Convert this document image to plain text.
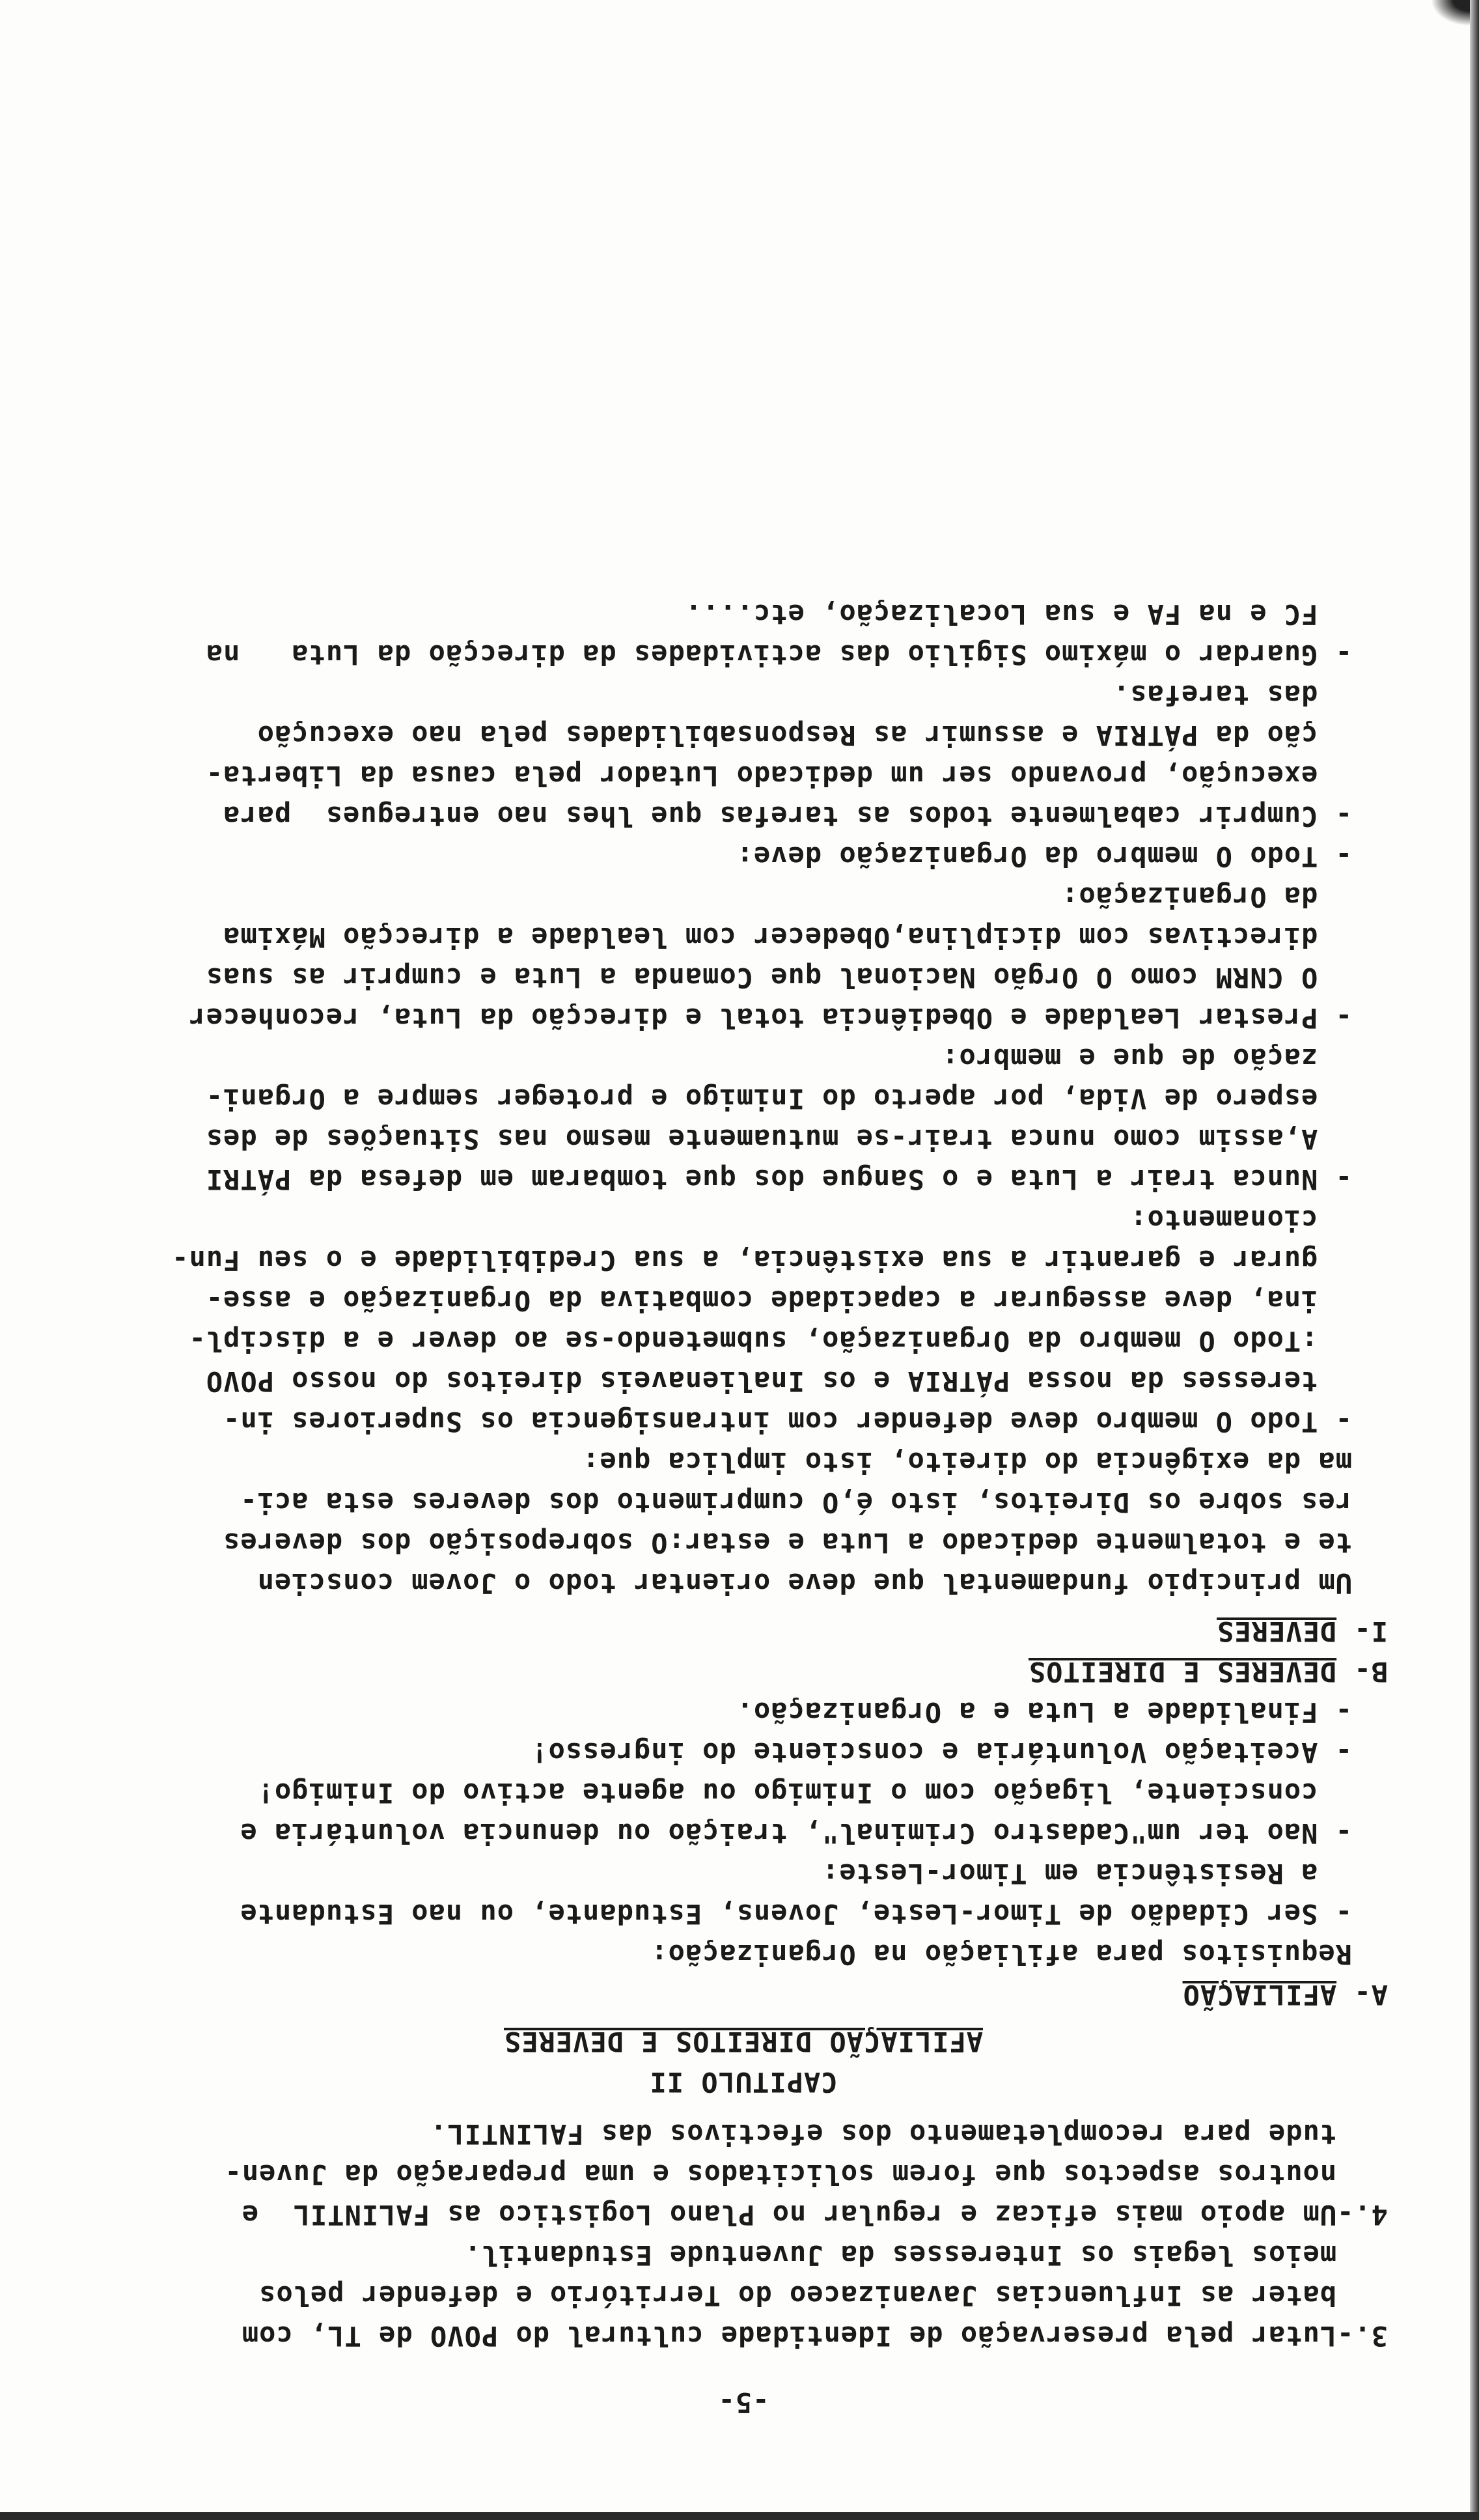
-5-
3.-Lutar pela preservação de Identidade cultural do POVO de TL, com
bater as Influencias Javanizaceo do Território e defender pelos
meios legais os Interesses da Juventude Estudantil.
4.-Um apoio mais eficaz e regular no Plano Logistico as FALINTIL  e
noutros aspectos que forem solicitados e uma preparação da Juven-
tude para recompletamento dos efectivos das FALINTIL.
CAPITULO II
AFILIAÇÃO DIREITOS E DEVERES
A- AFILIAÇÃO
Requisitos para afiliação na Organização:
- Ser Cidadão de Timor-Leste, Jovens, Estudante, ou nao Estudante
a Resistência em Timor-Leste:
- Nao ter um"Cadastro Criminal", traição ou denuncia voluntária e
consciente, ligação com o Inimigo ou agente activo do Inimigo!
- Aceitação Voluntária e consciente do ingresso!
- Finalidade a Luta e a Organização.
B- DEVERES E DIREITOS
I- DEVERES
Um principio fundamental que deve orientar todo o Jovem conscien
te e totalmente dedicado a Luta e estar:O sobreposição dos deveres
res sobre os Direitos, isto é,O cumprimento dos deveres esta aci-
ma da exigência do direito, isto implica que:
- Todo O membro deve defender com intransigencia os Superiores in-
teresses da nossa PÁTRIA e os Inalienaveis direitos do nosso POVO
:Todo O membro da Organização, submetendo-se ao dever e a discipl-
ina, deve assegurar a capacidade combativa da Organização e asse-
gurar e garantir a sua existência, a sua Credibilidade e o seu Fun-
cionamento:
- Nunca trair a Luta e o Sangue dos que tombaram em defesa da PÁTRI
A,assim como nunca trair-se mutuamente mesmo nas Situações de des
espero de Vida, por aperto do Inimigo e proteger sempre a Organi-
zação de que e membro:
- Prestar Lealdade e Obediência total e direcção da Luta, reconhecer
O CNRM como O Orgão Nacional que Comanda a Luta e cumprir as suas
directivas com diciplina,Obedecer com lealdade a direcção Máxima
da Organização:
- Todo O membro da Organização deve:
- Cumprir cabalmente todos as tarefas que lhes nao entregues  para
execução, provando ser um dedicado Lutador pela causa da Liberta-
ção da PÁTRIA e assumir as Responsabilidades pela nao execução
das tarefas.
- Guardar o máximo Sigilio das actividades da direcção da Luta   na
FC e na FA e sua Localização, etc....
